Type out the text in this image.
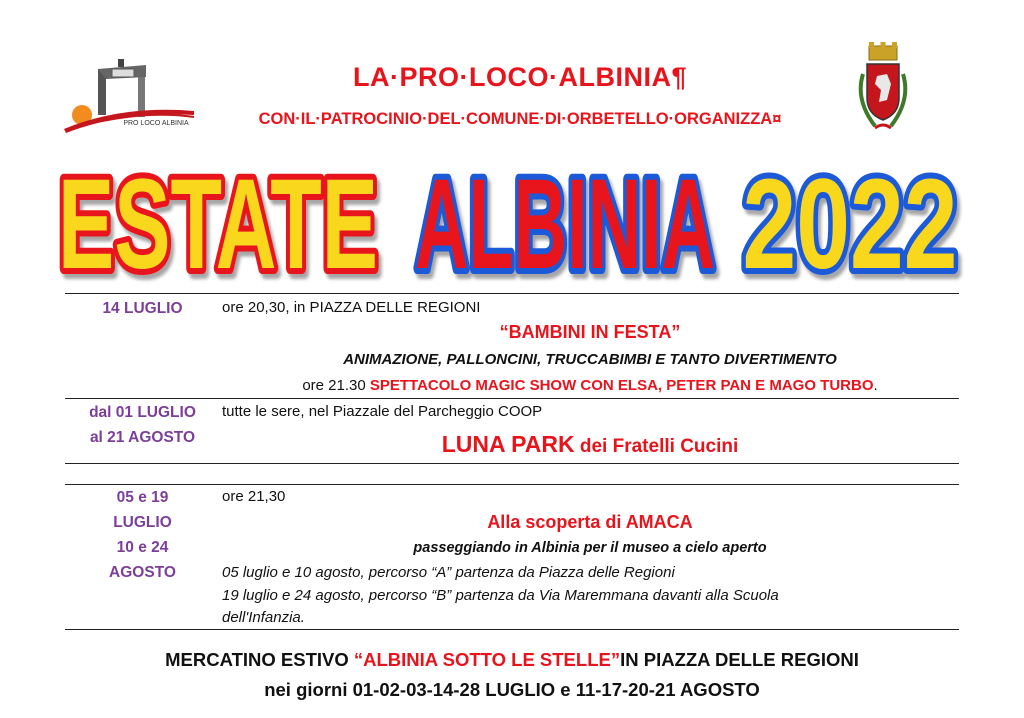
PRO LOCO ALBINIA
LA·PRO·LOCO·ALBINIA¶
CON·IL·PATROCINIO·DEL·COMUNE·DI·ORBETELLO·ORGANIZZA¤
ESTATE ALBINIA 2022
14 LUGLIO	ore 20,30, in PIAZZA DELLE REGIONI
“BAMBINI IN FESTA”
ANIMAZIONE, PALLONCINI, TRUCCABIMBI E TANTO DIVERTIMENTO
ore 21.30 SPETTACOLO MAGIC SHOW CON ELSA, PETER PAN E MAGO TURBO.
dal 01 LUGLIO
al 21 AGOSTO
tutte le sere, nel Piazzale del Parcheggio COOP
LUNA PARK dei Fratelli Cucini
05 e 19
LUGLIO
10 e 24
AGOSTO
ore 21,30
Alla scoperta di AMACA
passeggiando in Albinia per il museo a cielo aperto
05 luglio e 10 agosto, percorso “A” partenza da Piazza delle Regioni
19 luglio e 24 agosto, percorso “B” partenza da Via Maremmana davanti alla Scuola
dell'Infanzia.
MERCATINO ESTIVO “ALBINIA SOTTO LE STELLE”IN PIAZZA DELLE REGIONI
nei giorni 01-02-03-14-28 LUGLIO e 11-17-20-21 AGOSTO
